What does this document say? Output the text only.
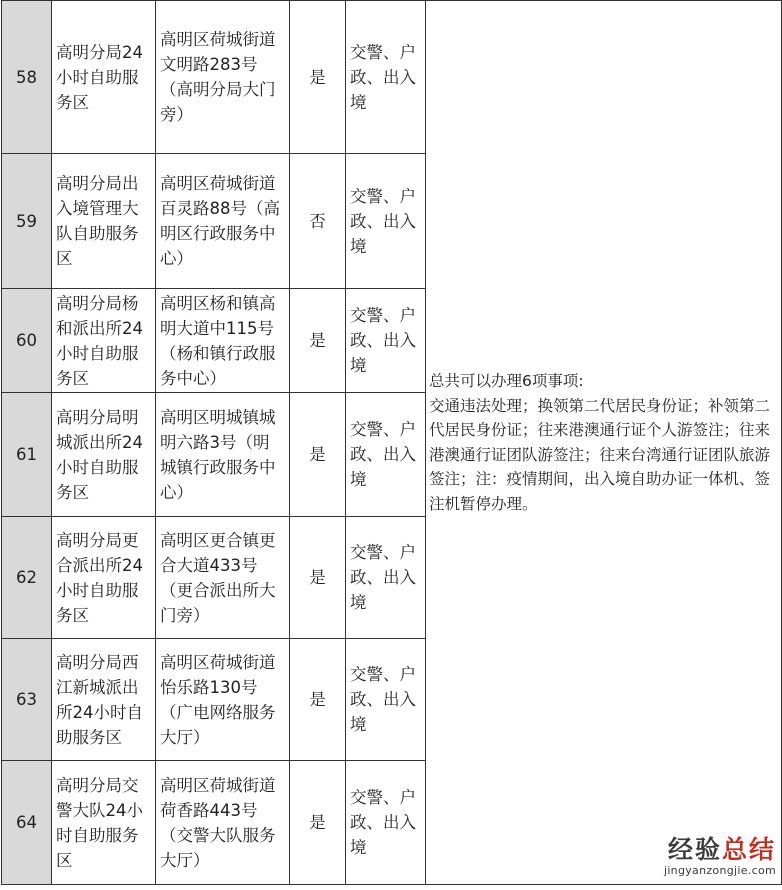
58	高明分局24小时自助服务区	高明区荷城街道文明路283号（高明分局大门旁）	是	交警、户政、出入境	总共可以办理6项事项:
交通违法处理；换领第二代居民身份证；补领第二代居民身份证；往来港澳通行证个人游签注；往来港澳通行证团队游签注；往来台湾通行证团队旅游签注；注：疫情期间，出入境自助办证一体机、签注机暂停办理。

59	高明分局出入境管理大队自助服务区	高明区荷城街道百灵路88号（高明区行政服务中心）	否	交警、户政、出入境	
60	高明分局杨和派出所24小时自助服务区	高明区杨和镇高明大道中115号（杨和镇行政服务中心）	是	交警、户政、出入境	
61	高明分局明城派出所24小时自助服务区	高明区明城镇城明六路3号（明城镇行政服务中心）	是	交警、户政、出入境	
62	高明分局更合派出所24小时自助服务区	高明区更合镇更合大道433号（更合派出所大门旁）	是	交警、户政、出入境	
63	高明分局西江新城派出所24小时自助服务区	高明区荷城街道怡乐路130号（广电网络服务大厅）	是	交警、户政、出入境	
64	高明分局交警大队24小时自助服务区	高明区荷城街道荷香路443号（交警大队服务大厅）	是	交警、户政、出入境		经验总结
jingyanzongjie.com
